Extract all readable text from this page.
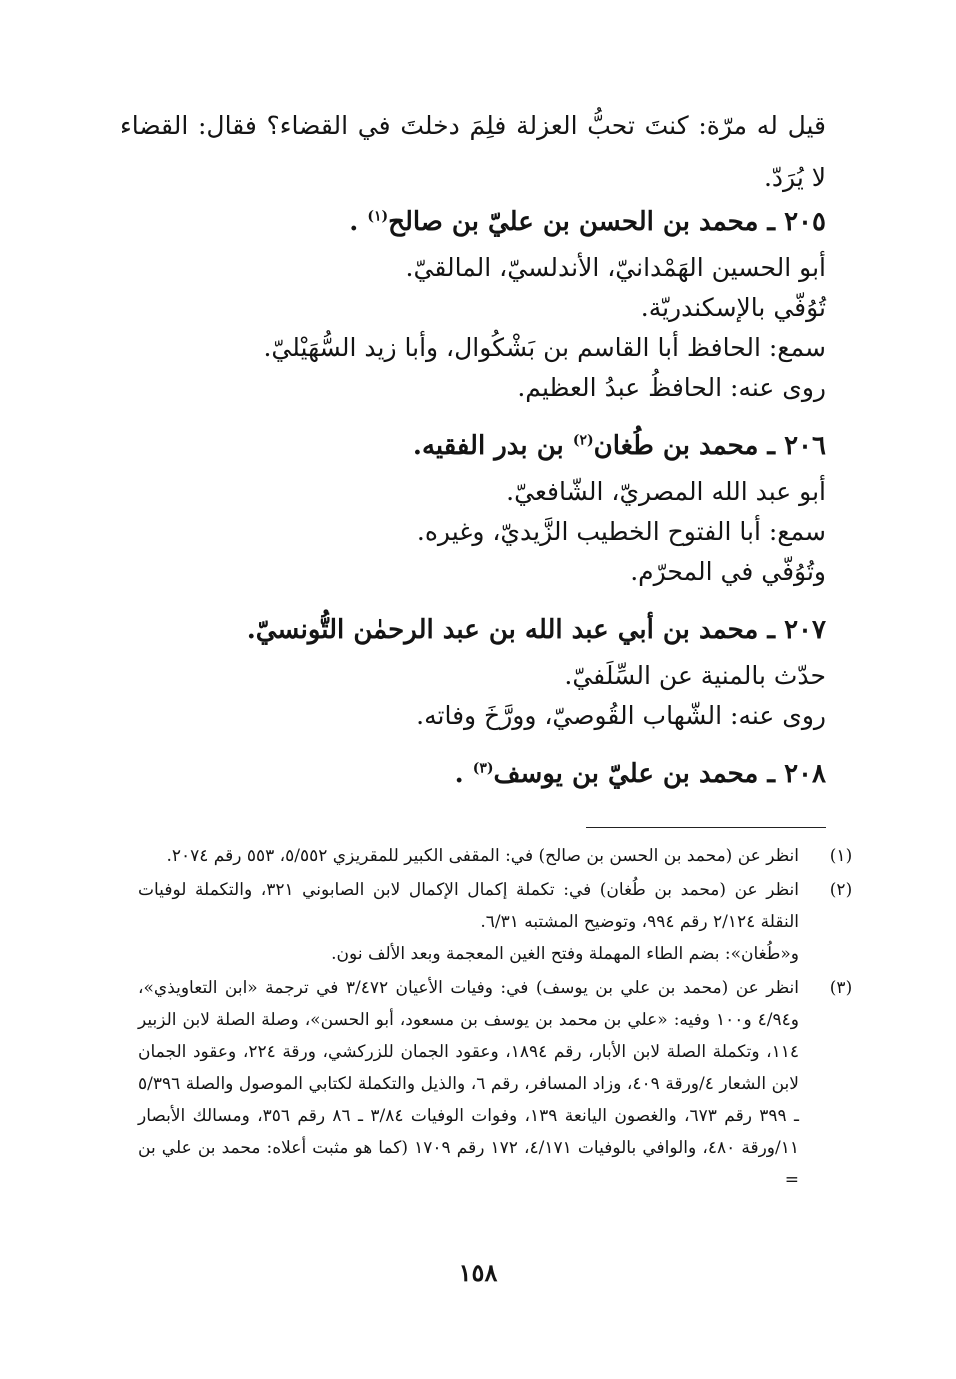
قيل له مرّة: كنتَ تحبُّ العزلة فلِمَ دخلتَ في القضاء؟ فقال: القضاء لا يُرَدّ.
٢٠٥ ـ محمد بن الحسن بن عليّ بن صالح$^{(١)}$ .
أبو الحسين الهَمْدانيّ، الأندلسيّ، المالقيّ.
تُوُفّي بالإسكندريّة.
سمع: الحافظ أبا القاسم بن بَشْكُوال، وأبا زيد السُّهَيْليّ.
روى عنه: الحافظُ عبدُ العظيم.
٢٠٦ ـ محمد بن طُغان$^{(٢)}$ بن بدر الفقيه.
أبو عبد الله المصريّ، الشّافعيّ.
سمع: أبا الفتوح الخطيب الزَّيديّ، وغيره.
وتُوُفّي في المحرّم.
٢٠٧ ـ محمد بن أبي عبد الله بن عبد الرحمٰن التُّونسيّ.
حدّث بالمنية عن السِّلَفيّ.
روى عنه: الشّهاب القُوصيّ، وورَّخَ وفاته.
٢٠٨ ـ محمد بن عليّ بن يوسف$^{(٣)}$ .
(١)
انظر عن (محمد بن الحسن بن صالح) في: المقفى الكبير للمقريزي ٥/٥٥٢، ٥٥٣ رقم ٢٠٧٤.
(٢)
انظر عن (محمد بن طُغان) في: تكملة إكمال الإكمال لابن الصابوني ٣٢١، والتكملة لوفيات النقلة ٢/١٢٤ رقم ٩٩٤، وتوضيح المشتبه ٦/٣١.
و«طُغان»: بضم الطاء المهملة وفتح الغين المعجمة وبعد الألف نون.
(٣)
انظر عن (محمد بن علي بن يوسف) في: وفيات الأعيان ٣/٤٧٢ في ترجمة «ابن التعاويذي»، و٤/٩٤ و١٠٠ وفيه: «علي بن محمد بن يوسف بن مسعود، أبو الحسن»، وصلة الصلة لابن الزبير ١١٤، وتكملة الصلة لابن الأبار، رقم ١٨٩٤، وعقود الجمان للزركشي، ورقة ٢٢٤، وعقود الجمان لابن الشعار ٤/ورقة ٤٠٩، وزاد المسافر، رقم ٦، والذيل والتكملة لكتابي الموصول والصلة ٥/٣٩٦ ـ ٣٩٩ رقم ٦٧٣، والغصون اليانعة ١٣٩، وفوات الوفيات ٣/٨٤ ـ ٨٦ رقم ٣٥٦، ومسالك الأبصار ١١/ورقة ٤٨٠، والوافي بالوفيات ٤/١٧١، ١٧٢ رقم ١٧٠٩ (كما هو مثبت أعلاه: محمد بن علي بن =
١٥٨
